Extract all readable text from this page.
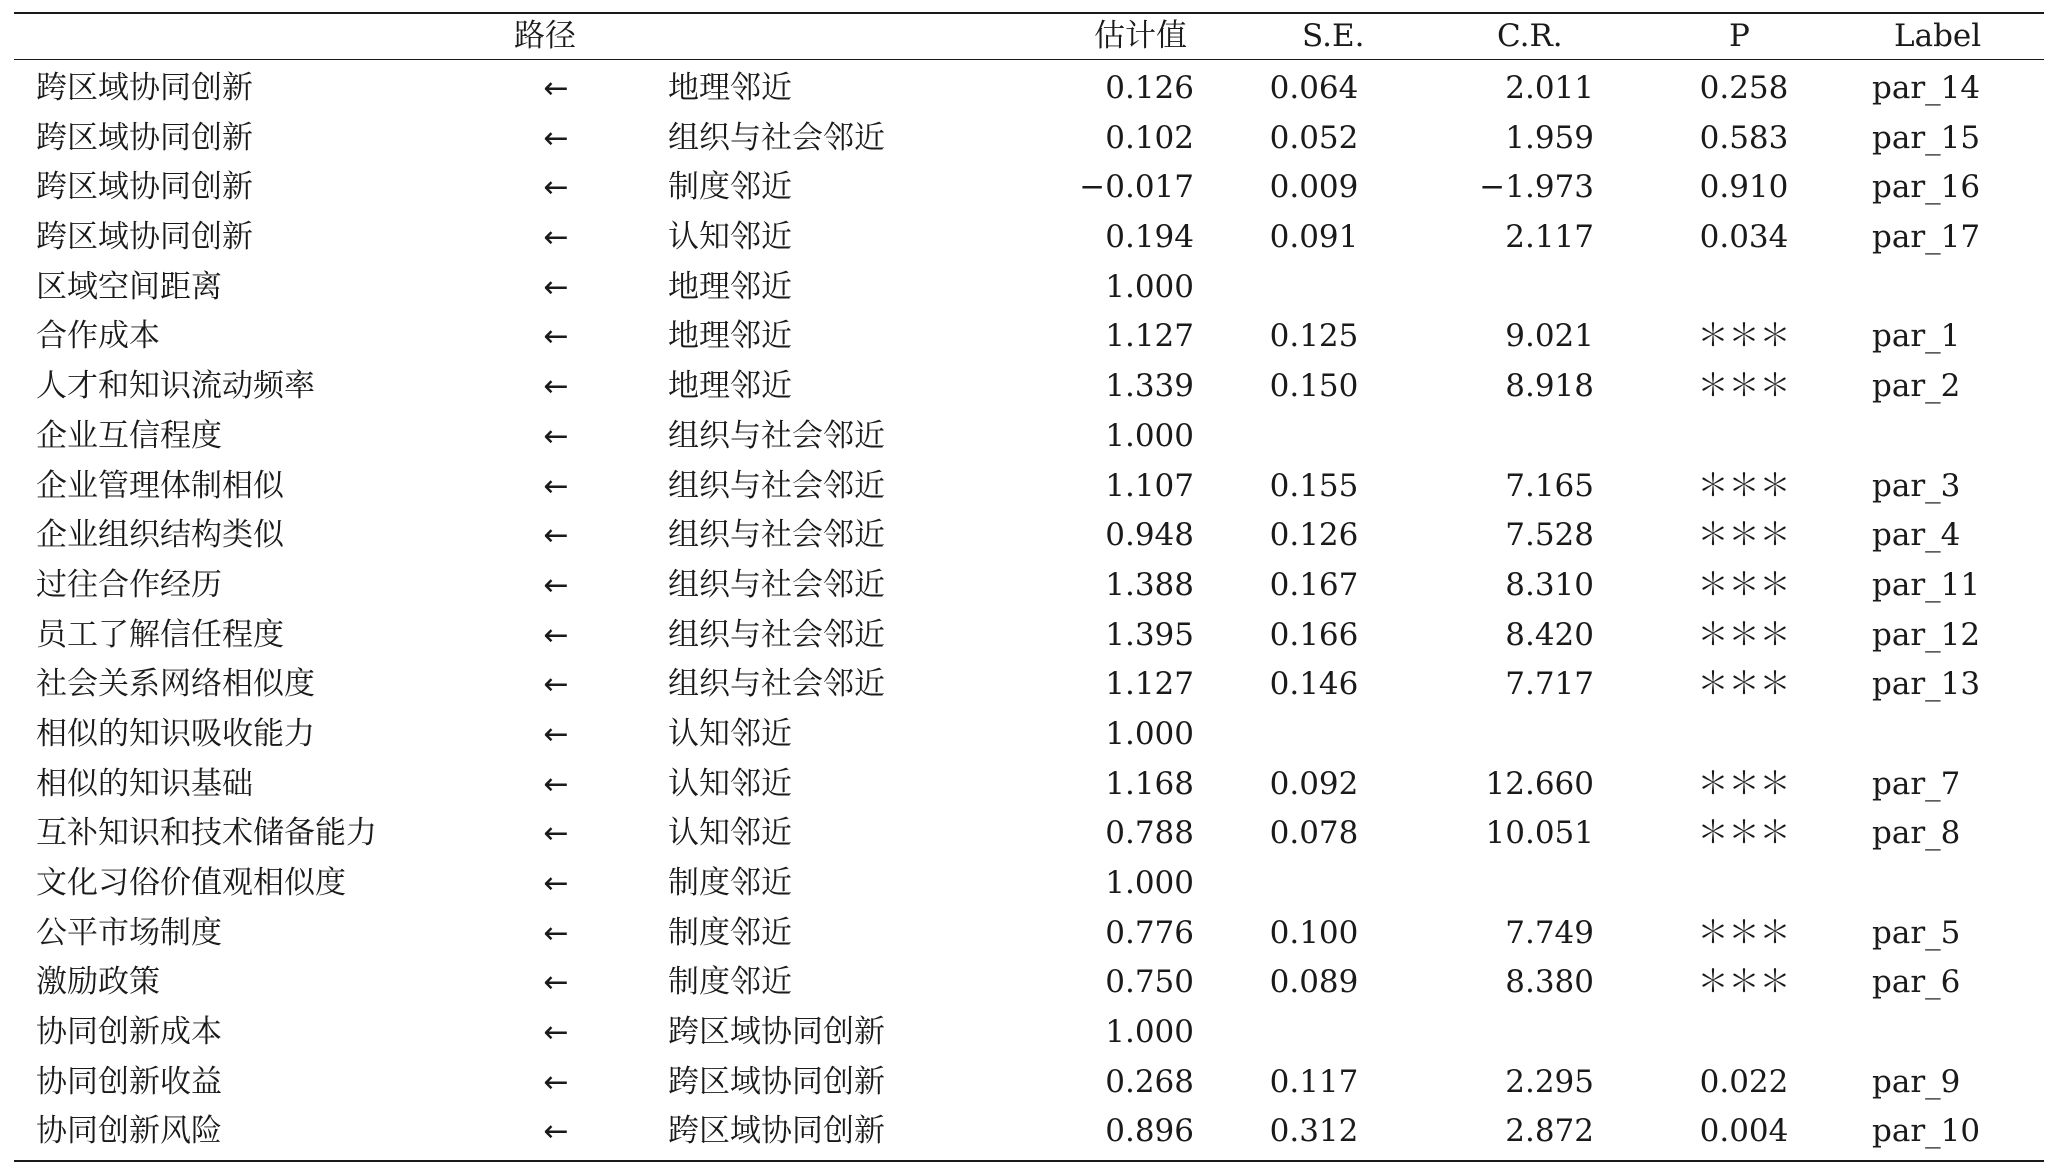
路径	估计值	S.E.	C.R.	P	Label
跨区域协同创新	←	地理邻近	0.126	0.064	2.011	0.258	par_14
跨区域协同创新	←	组织与社会邻近	0.102	0.052	1.959	0.583	par_15
跨区域协同创新	←	制度邻近	−0.017	0.009	−1.973	0.910	par_16
跨区域协同创新	←	认知邻近	0.194	0.091	2.117	0.034	par_17
区域空间距离	←	地理邻近	1.000
合作成本	←	地理邻近	1.127	0.125	9.021	＊＊＊	par_1
人才和知识流动频率	←	地理邻近	1.339	0.150	8.918	＊＊＊	par_2
企业互信程度	←	组织与社会邻近	1.000
企业管理体制相似	←	组织与社会邻近	1.107	0.155	7.165	＊＊＊	par_3
企业组织结构类似	←	组织与社会邻近	0.948	0.126	7.528	＊＊＊	par_4
过往合作经历	←	组织与社会邻近	1.388	0.167	8.310	＊＊＊	par_11
员工了解信任程度	←	组织与社会邻近	1.395	0.166	8.420	＊＊＊	par_12
社会关系网络相似度	←	组织与社会邻近	1.127	0.146	7.717	＊＊＊	par_13
相似的知识吸收能力	←	认知邻近	1.000
相似的知识基础	←	认知邻近	1.168	0.092	12.660	＊＊＊	par_7
互补知识和技术储备能力	←	认知邻近	0.788	0.078	10.051	＊＊＊	par_8
文化习俗价值观相似度	←	制度邻近	1.000
公平市场制度	←	制度邻近	0.776	0.100	7.749	＊＊＊	par_5
激励政策	←	制度邻近	0.750	0.089	8.380	＊＊＊	par_6
协同创新成本	←	跨区域协同创新	1.000
协同创新收益	←	跨区域协同创新	0.268	0.117	2.295	0.022	par_9
协同创新风险	←	跨区域协同创新	0.896	0.312	2.872	0.004	par_10
